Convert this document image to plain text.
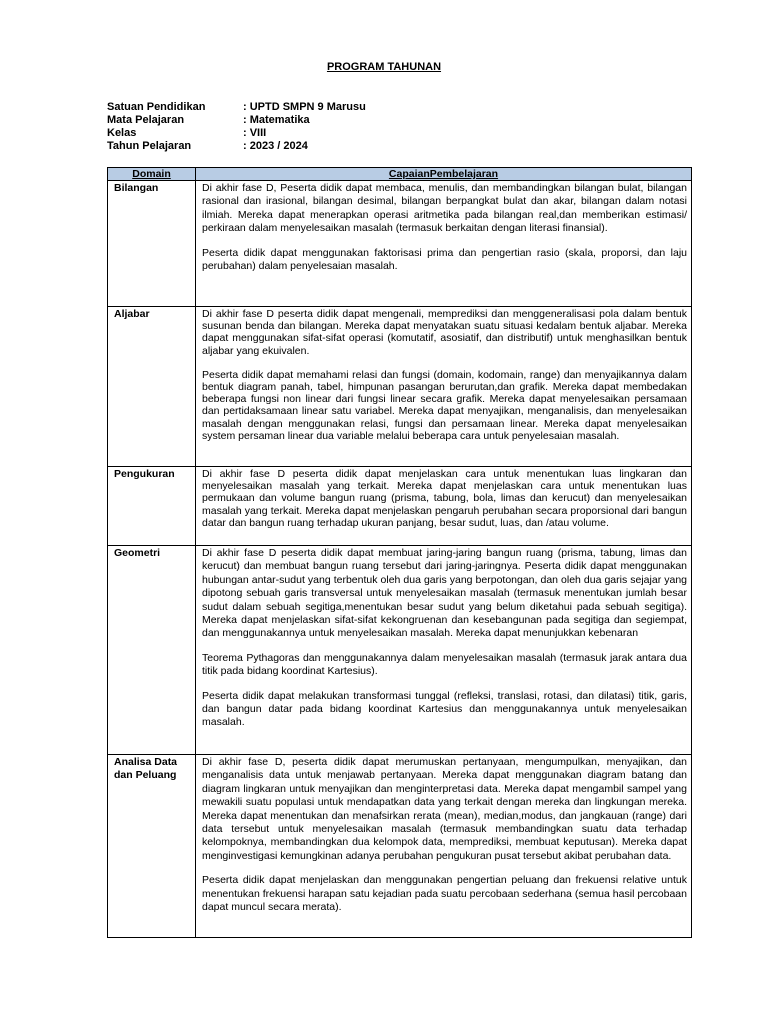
PROGRAM TAHUNAN
Satuan Pendidikan	: UPTD SMPN 9 Marusu
Mata Pelajaran	: Matematika
Kelas	: VIII
Tahun Pelajaran	: 2023 / 2024
Domain	CapaianPembelajaran
Bilangan	Di akhir fase D, Peserta didik dapat membaca, menulis, dan membandingkan bilangan bulat, bilangan rasional dan irasional, bilangan desimal, bilangan berpangkat bulat dan akar, bilangan dalam notasi ilmiah. Mereka dapat menerapkan operasi aritmetika pada bilangan real,dan memberikan estimasi/ perkiraan dalam menyelesaikan masalah (termasuk berkaitan dengan literasi finansial).

Peserta didik dapat menggunakan faktorisasi prima dan pengertian rasio (skala, proporsi, dan laju perubahan) dalam penyelesaian masalah.

Aljabar	Di akhir fase D peserta didik dapat mengenali, memprediksi dan menggeneralisasi pola dalam bentuk susunan benda dan bilangan. Mereka dapat menyatakan suatu situasi kedalam bentuk aljabar. Mereka dapat menggunakan sifat-sifat operasi (komutatif, asosiatif, dan distributif) untuk menghasilkan bentuk aljabar yang ekuivalen.

Peserta didik dapat memahami relasi dan fungsi (domain, kodomain, range) dan menyajikannya dalam bentuk diagram panah, tabel, himpunan pasangan berurutan,dan grafik. Mereka dapat membedakan beberapa fungsi non linear dari fungsi linear secara grafik. Mereka dapat menyelesaikan persamaan dan pertidaksamaan linear satu variabel. Mereka dapat menyajikan, menganalisis, dan menyelesaikan masalah dengan menggunakan relasi, fungsi dan persamaan linear. Mereka dapat menyelesaikan system persaman linear dua variable melalui beberapa cara untuk penyelesaian masalah.

Pengukuran	Di akhir fase D peserta didik dapat menjelaskan cara untuk menentukan luas lingkaran dan menyelesaikan masalah yang terkait. Mereka dapat menjelaskan cara untuk menentukan luas permukaan dan volume bangun ruang (prisma, tabung, bola, limas dan kerucut) dan menyelesaikan masalah yang terkait. Mereka dapat menjelaskan pengaruh perubahan secara proporsional dari bangun datar dan bangun ruang terhadap ukuran panjang, besar sudut, luas, dan /atau volume.

Geometri	Di akhir fase D peserta didik dapat membuat jaring-jaring bangun ruang (prisma, tabung, limas dan kerucut) dan membuat bangun ruang tersebut dari jaring-jaringnya. Peserta didik dapat menggunakan hubungan antar-sudut yang terbentuk oleh dua garis yang berpotongan, dan oleh dua garis sejajar yang dipotong sebuah garis transversal untuk menyelesaikan masalah (termasuk menentukan jumlah besar sudut dalam sebuah segitiga,menentukan besar sudut yang belum diketahui pada sebuah segitiga). Mereka dapat menjelaskan sifat-sifat kekongruenan dan kesebangunan pada segitiga dan segiempat, dan menggunakannya untuk menyelesaikan masalah. Mereka dapat menunjukkan kebenaran

Teorema Pythagoras dan menggunakannya dalam menyelesaikan masalah (termasuk jarak antara dua titik pada bidang koordinat Kartesius).

Peserta didik dapat melakukan transformasi tunggal (refleksi, translasi, rotasi, dan dilatasi) titik, garis, dan bangun datar pada bidang koordinat Kartesius dan menggunakannya untuk menyelesaikan masalah.

Analisa Data dan Peluang	Di akhir fase D, peserta didik dapat merumuskan pertanyaan, mengumpulkan, menyajikan, dan menganalisis data untuk menjawab pertanyaan. Mereka dapat menggunakan diagram batang dan diagram lingkaran untuk menyajikan dan menginterpretasi data. Mereka dapat mengambil sampel yang mewakili suatu populasi untuk mendapatkan data yang terkait dengan mereka dan lingkungan mereka. Mereka dapat menentukan dan menafsirkan rerata (mean), median,modus, dan jangkauan (range) dari data tersebut untuk menyelesaikan masalah (termasuk membandingkan suatu data terhadap kelompoknya, membandingkan dua kelompok data, memprediksi, membuat keputusan). Mereka dapat menginvestigasi kemungkinan adanya perubahan pengukuran pusat tersebut akibat perubahan data.

Peserta didik dapat menjelaskan dan menggunakan pengertian peluang dan frekuensi relative untuk menentukan frekuensi harapan satu kejadian pada suatu percobaan sederhana (semua hasil percobaan dapat muncul secara merata).
